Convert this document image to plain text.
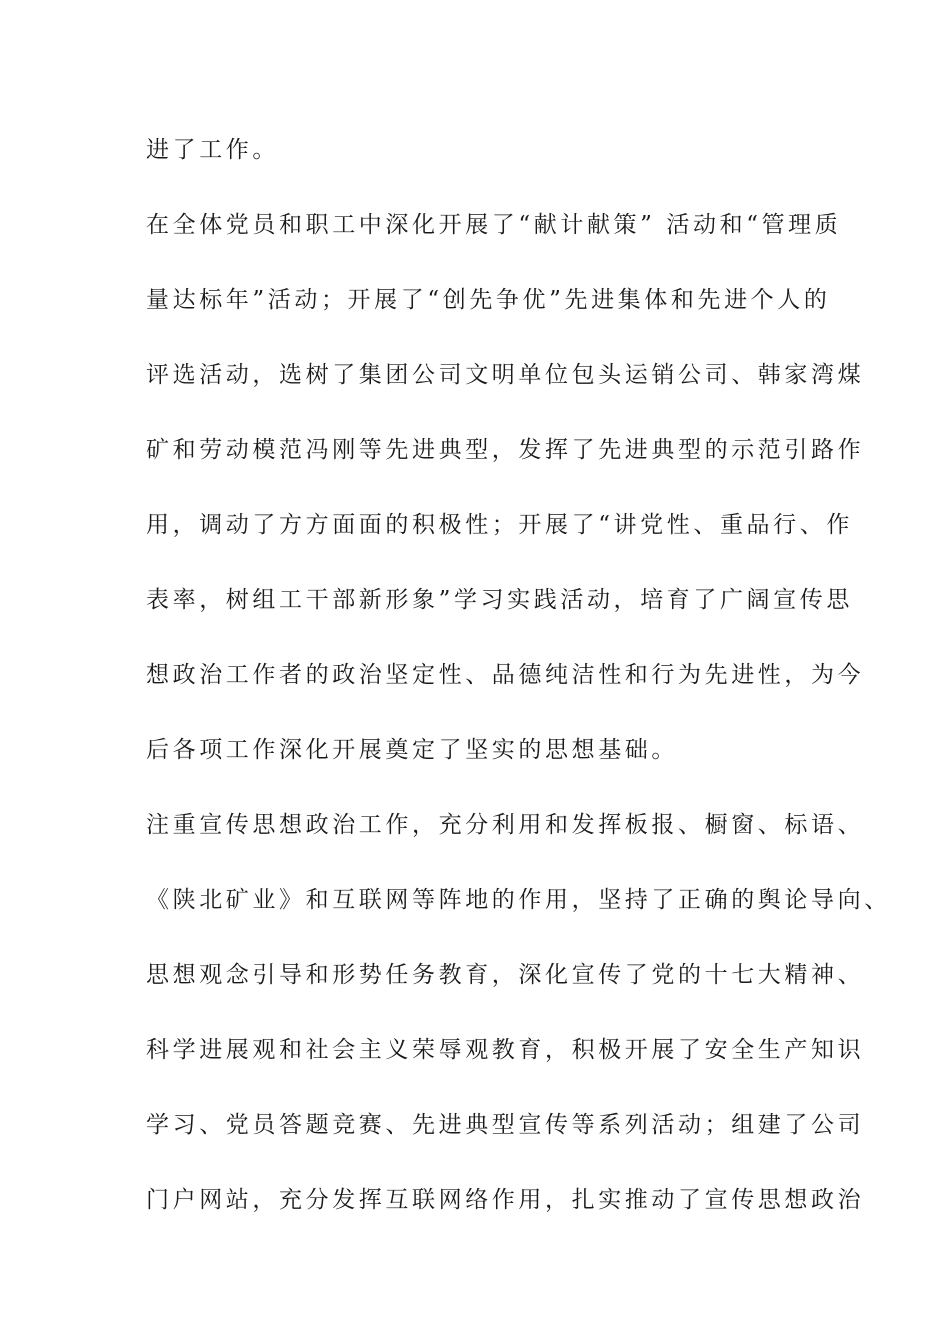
进了工作。
在全体党员和职工中深化开展了“献计献策” 活动和“管理质
量达标年”活动；开展了“创先争优”先进集体和先进个人的
评选活动，选树了集团公司文明单位包头运销公司、韩家湾煤
矿和劳动模范冯刚等先进典型，发挥了先进典型的示范引路作
用，调动了方方面面的积极性；开展了“讲党性、重品行、作
表率，树组工干部新形象”学习实践活动，培育了广阔宣传思
想政治工作者的政治坚定性、品德纯洁性和行为先进性，为今
后各项工作深化开展奠定了坚实的思想基础。
注重宣传思想政治工作，充分利用和发挥板报、橱窗、标语、
《陕北矿业》和互联网等阵地的作用，坚持了正确的舆论导向、
思想观念引导和形势任务教育，深化宣传了党的十七大精神、
科学进展观和社会主义荣辱观教育，积极开展了安全生产知识
学习、党员答题竞赛、先进典型宣传等系列活动；组建了公司
门户网站，充分发挥互联网络作用，扎实推动了宣传思想政治
